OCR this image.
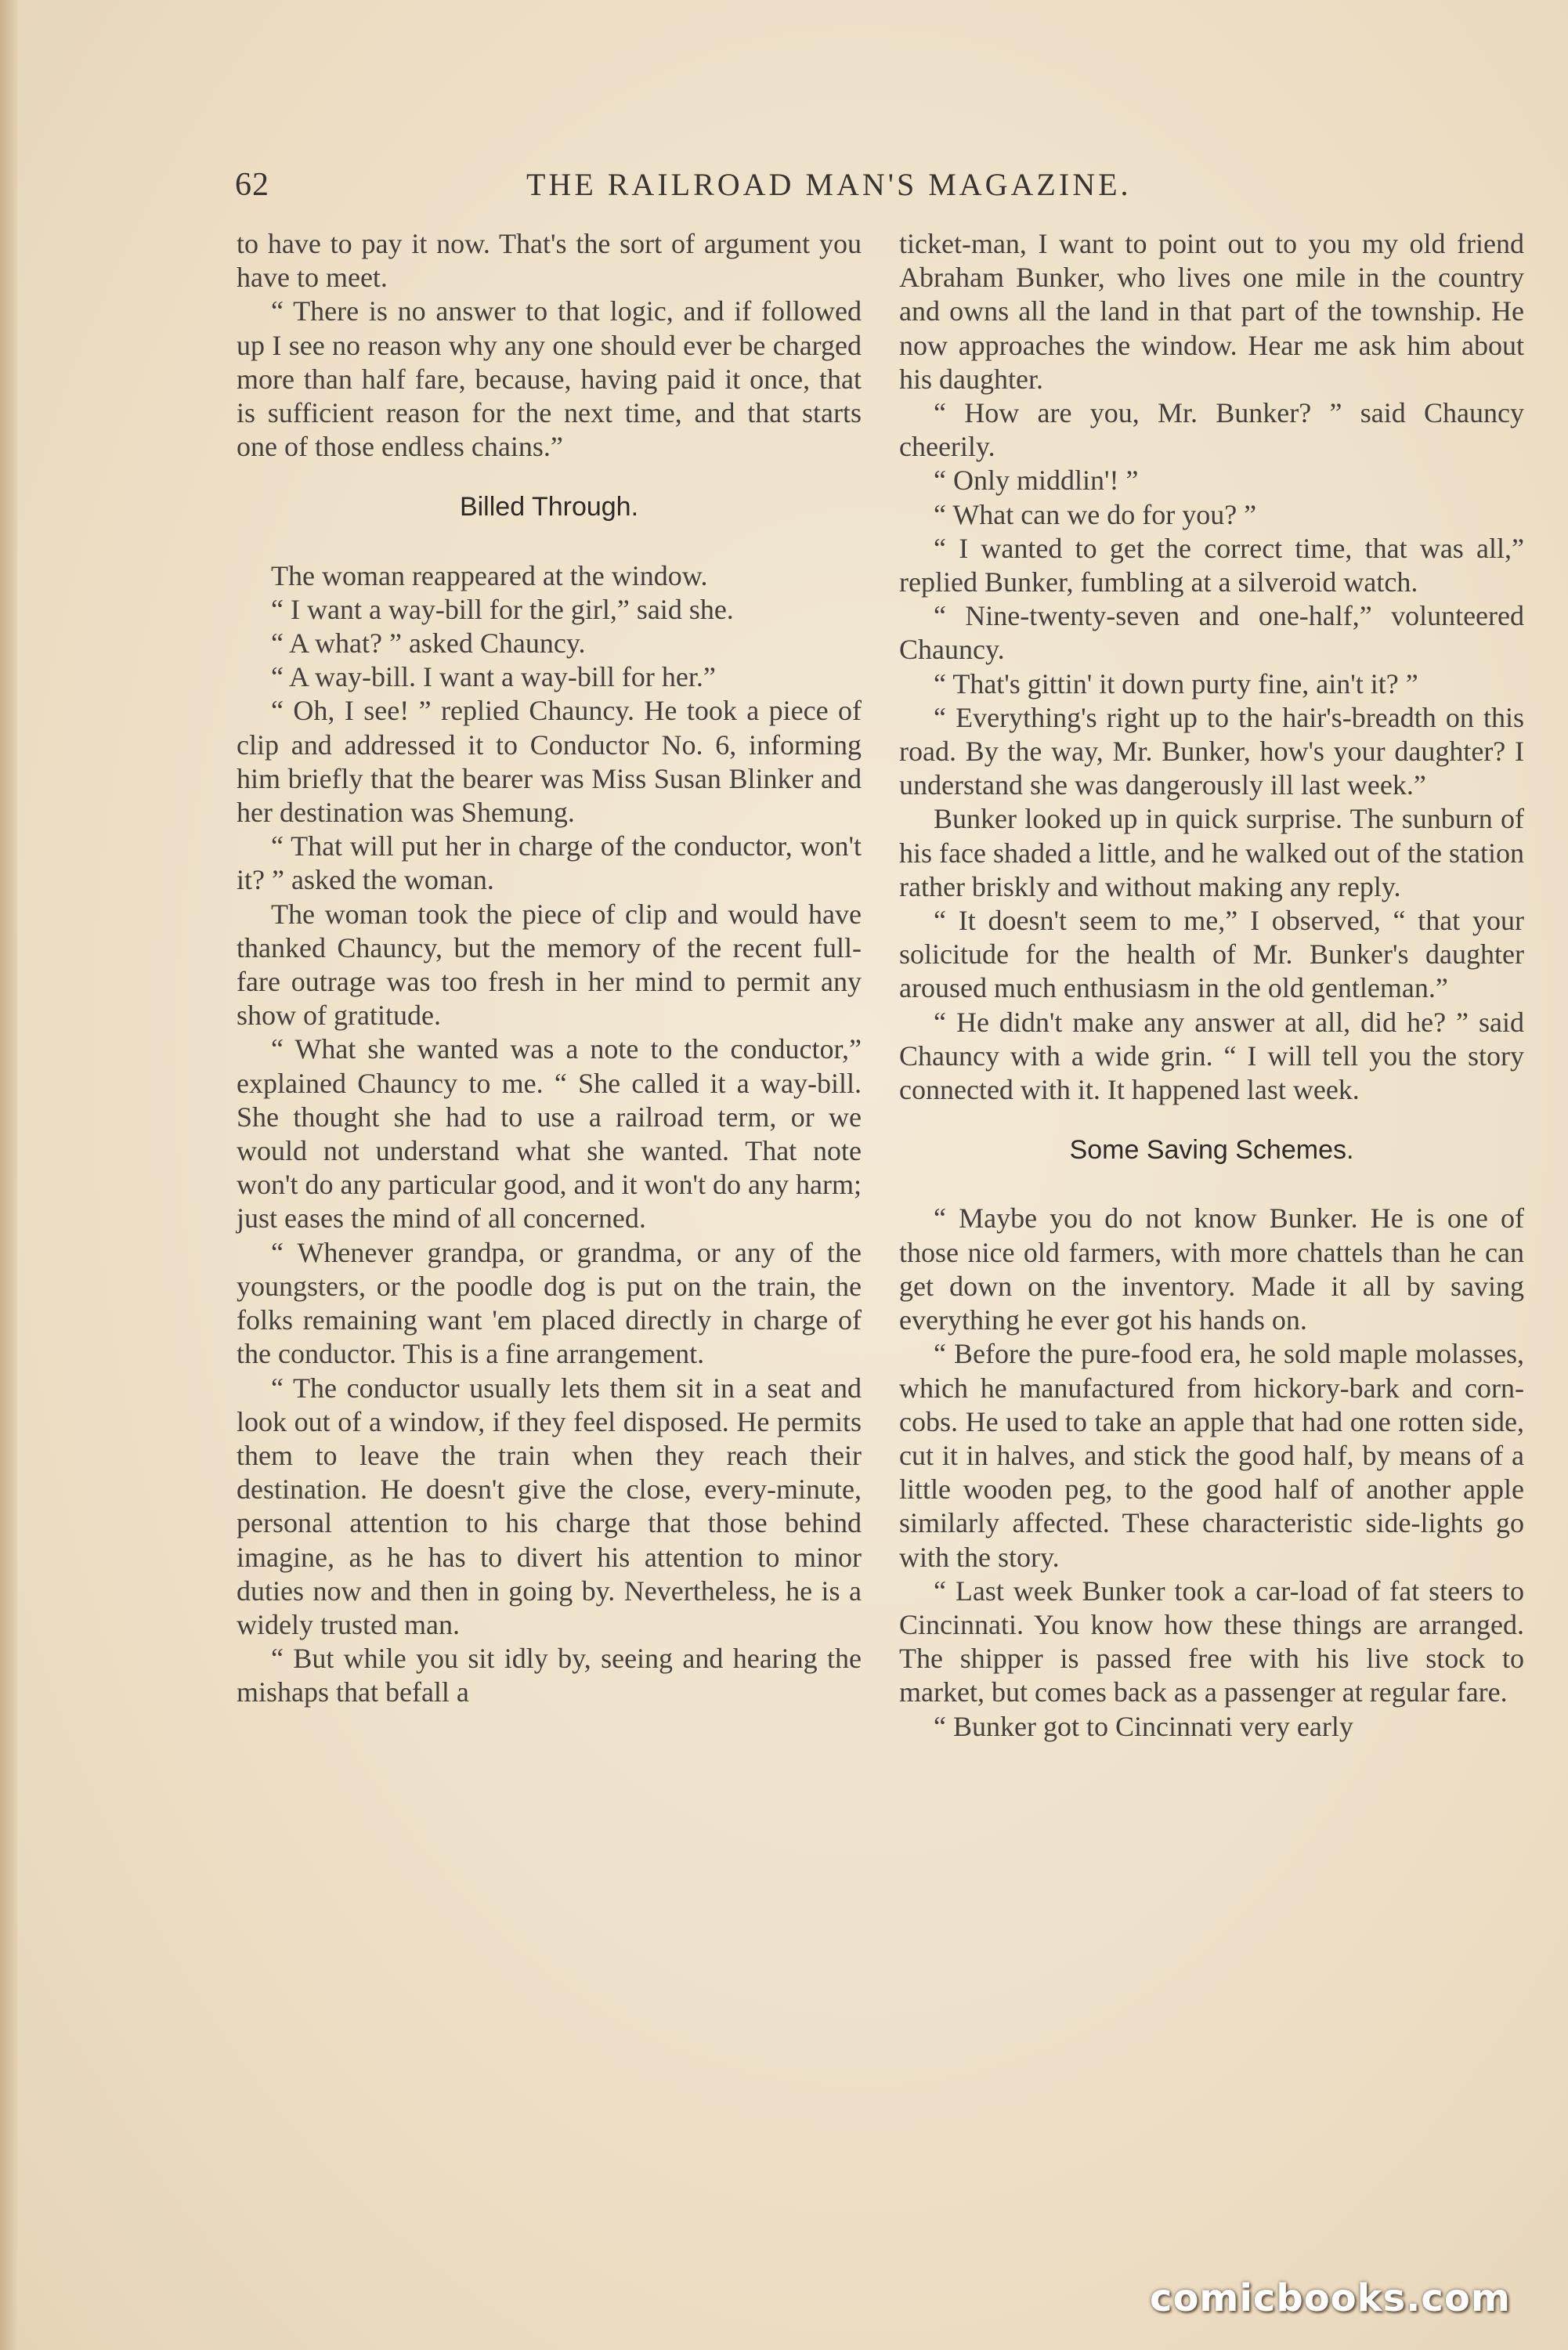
62	THE RAILROAD MAN'S MAGAZINE.

to have to pay it now. That's the sort of argument you have to meet.

“ There is no answer to that logic, and if followed up I see no reason why any one should ever be charged more than half fare, because, having paid it once, that is sufficient reason for the next time, and that starts one of those endless chains.”

Billed Through.

The woman reappeared at the window.

“ I want a way-bill for the girl,” said she.

“ A what? ” asked Chauncy.

“ A way-bill. I want a way-bill for her.”

“ Oh, I see! ” replied Chauncy. He took a piece of clip and addressed it to Conductor No. 6, informing him briefly that the bearer was Miss Susan Blinker and her destination was Shemung.

“ That will put her in charge of the conductor, won't it? ” asked the woman.

The woman took the piece of clip and would have thanked Chauncy, but the memory of the recent full-fare outrage was too fresh in her mind to permit any show of gratitude.

“ What she wanted was a note to the conductor,” explained Chauncy to me. “ She called it a way-bill. She thought she had to use a railroad term, or we would not understand what she wanted. That note won't do any particular good, and it won't do any harm; just eases the mind of all concerned.

“ Whenever grandpa, or grandma, or any of the youngsters, or the poodle dog is put on the train, the folks remaining want 'em placed directly in charge of the conductor. This is a fine arrangement.

“ The conductor usually lets them sit in a seat and look out of a window, if they feel disposed. He permits them to leave the train when they reach their destination. He doesn't give the close, every-minute, personal attention to his charge that those behind imagine, as he has to divert his attention to minor duties now and then in going by. Nevertheless, he is a widely trusted man.

“ But while you sit idly by, seeing and hearing the mishaps that befall a

ticket-man, I want to point out to you my old friend Abraham Bunker, who lives one mile in the country and owns all the land in that part of the township. He now approaches the window. Hear me ask him about his daughter.

“ How are you, Mr. Bunker? ” said Chauncy cheerily.

“ Only middlin'! ”

“ What can we do for you? ”

“ I wanted to get the correct time, that was all,” replied Bunker, fumbling at a silveroid watch.

“ Nine-twenty-seven and one-half,” volunteered Chauncy.

“ That's gittin' it down purty fine, ain't it? ”

“ Everything's right up to the hair's-breadth on this road. By the way, Mr. Bunker, how's your daughter? I understand she was dangerously ill last week.”

Bunker looked up in quick surprise. The sunburn of his face shaded a little, and he walked out of the station rather briskly and without making any reply.

“ It doesn't seem to me,” I observed, “ that your solicitude for the health of Mr. Bunker's daughter aroused much enthusiasm in the old gentleman.”

“ He didn't make any answer at all, did he? ” said Chauncy with a wide grin. “ I will tell you the story connected with it. It happened last week.

Some Saving Schemes.

“ Maybe you do not know Bunker. He is one of those nice old farmers, with more chattels than he can get down on the inventory. Made it all by saving everything he ever got his hands on.

“ Before the pure-food era, he sold maple molasses, which he manufactured from hickory-bark and corn-cobs. He used to take an apple that had one rotten side, cut it in halves, and stick the good half, by means of a little wooden peg, to the good half of another apple similarly affected. These characteristic side-lights go with the story.

“ Last week Bunker took a car-load of fat steers to Cincinnati. You know how these things are arranged. The shipper is passed free with his live stock to market, but comes back as a passenger at regular fare.

“ Bunker got to Cincinnati very early

comicbooks.com
